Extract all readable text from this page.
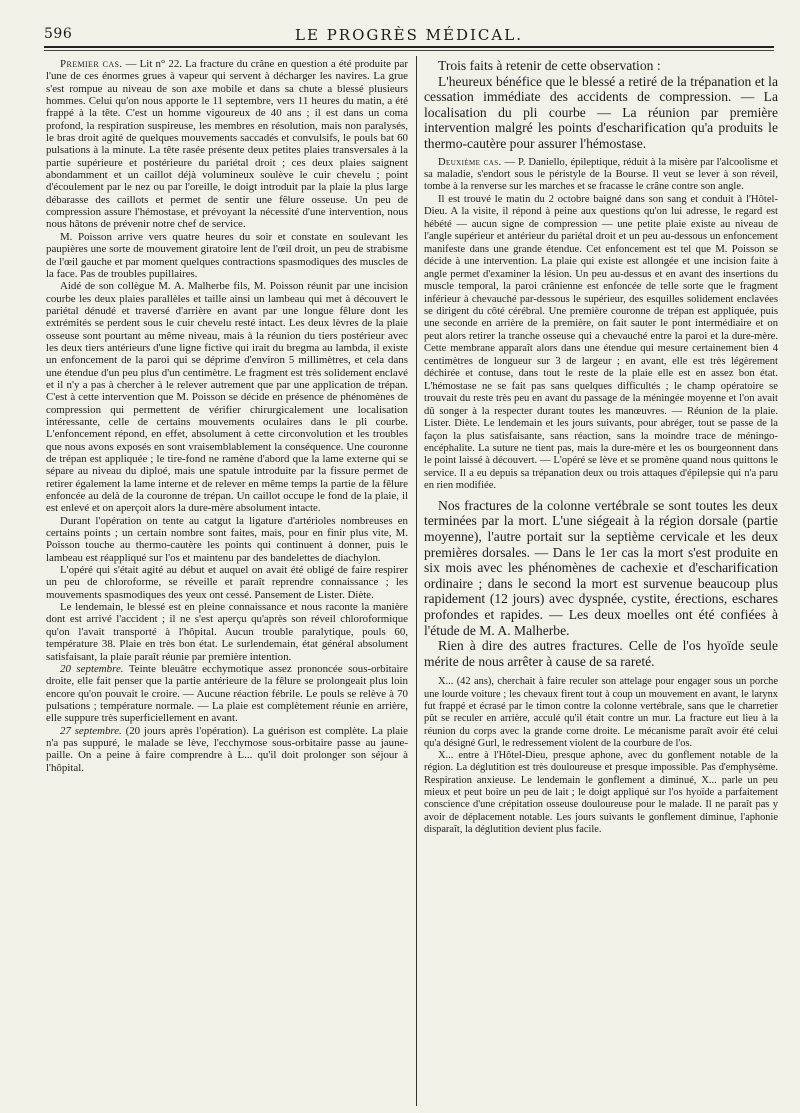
596	LE PROGRÈS MÉDICAL.

Premier cas. — Lit n° 22. La fracture du crâne en question a été produite par l'une de ces énormes grues à vapeur qui servent à décharger les navires. La grue s'est rompue au niveau de son axe mobile et dans sa chute a blessé plusieurs hommes. Celui qu'on nous apporte le 11 septembre, vers 11 heures du matin, a été frappé à la tête. C'est un homme vigoureux de 40 ans ; il est dans un coma profond, la respiration suspireuse, les membres en résolution, mais non paralysés, le bras droit agité de quelques mouvements saccadés et convulsifs, le pouls bat 60 pulsations à la minute. La tête rasée présente deux petites plaies transversales à la partie supérieure et postérieure du pariétal droit ; ces deux plaies saignent abondamment et un caillot déjà volumineux soulève le cuir chevelu ; point d'écoulement par le nez ou par l'oreille, le doigt introduit par la plaie la plus large débarasse des caillots et permet de sentir une fêlure osseuse. Un peu de compression assure l'hémostase, et prévoyant la nécessité d'une intervention, nous nous hâtons de prévenir notre chef de service.

M. Poisson arrive vers quatre heures du soir et constate en soulevant les paupières une sorte de mouvement giratoire lent de l'œil droit, un peu de strabisme de l'œil gauche et par moment quelques contractions spasmodiques des muscles de la face. Pas de troubles pupillaires.

Aidé de son collègue M. A. Malherbe fils, M. Poisson réunit par une incision courbe les deux plaies parallèles et taille ainsi un lambeau qui met à découvert le pariétal dénudé et traversé d'arrière en avant par une longue fêlure dont les extrémités se perdent sous le cuir chevelu resté intact. Les deux lèvres de la plaie osseuse sont pourtant au même niveau, mais à la réunion du tiers postérieur avec les deux tiers antérieurs d'une ligne fictive qui irait du bregma au lambda, il existe un enfoncement de la paroi qui se déprime d'environ 5 millimètres, et cela dans une étendue d'un peu plus d'un centimètre. Le fragment est très solidement enclavé et il n'y a pas à chercher à le relever autrement que par une application de trépan. C'est à cette intervention que M. Poisson se décide en présence de phénomènes de compression qui permettent de vérifier chirurgicalement une localisation intéressante, celle de certains mouvements oculaires dans le pli courbe. L'enfoncement répond, en effet, absolument à cette circonvolution et les troubles que nous avons exposés en sont vraisemblablement la conséquence. Une couronne de trépan est appliquée ; le tire-fond ne ramène d'abord que la lame externe qui se sépare au niveau du diploé, mais une spatule introduite par la fissure permet de retirer également la lame interne et de relever en même temps la partie de la fêlure enfoncée au delà de la couronne de trépan. Un caillot occupe le fond de la plaie, il est enlevé et on aperçoit alors la dure-mère absolument intacte.

Durant l'opération on tente au catgut la ligature d'artérioles nombreuses en certains points ; un certain nombre sont faites, mais, pour en finir plus vite, M. Poisson touche au thermo-cautère les points qui continuent à donner, puis le lambeau est réappliqué sur l'os et maintenu par des bandelettes de diachylon.

L'opéré qui s'était agité au début et auquel on avait été obligé de faire respirer un peu de chloroforme, se réveille et paraît reprendre connaissance ; les mouvements spasmodiques des yeux ont cessé. Pansement de Lister. Diète.

Le lendemain, le blessé est en pleine connaissance et nous raconte la manière dont est arrivé l'accident ; il ne s'est aperçu qu'après son réveil chloroformique qu'on l'avait transporté à l'hôpital. Aucun trouble paralytique, pouls 60, température 38. Plaie en très bon état. Le surlendemain, état général absolument satisfaisant, la plaie paraît réunie par première intention.

20 septembre. Teinte bleuâtre ecchymotique assez prononcée sous-orbitaire droite, elle fait penser que la partie antérieure de la fêlure se prolongeait plus loin encore qu'on pouvait le croire. — Aucune réaction fébrile. Le pouls se relève à 70 pulsations ; température normale. — La plaie est complètement réunie en arrière, elle suppure très superficiellement en avant.

27 septembre. (20 jours après l'opération). La guérison est complète. La plaie n'a pas suppuré, le malade se lève, l'ecchymose sous-orbitaire passe au jaune-paille. On a peine à faire comprendre à L... qu'il doit prolonger son séjour à l'hôpital.

Trois faits à retenir de cette observation :

L'heureux bénéfice que le blessé a retiré de la trépanation et la cessation immédiate des accidents de compression. — La localisation du pli courbe — La réunion par première intervention malgré les points d'escharification qu'a produits le thermo-cautère pour assurer l'hémostase.

Deuxième cas. — P. Daniello, épileptique, réduit à la misère par l'alcoolisme et sa maladie, s'endort sous le péristyle de la Bourse. Il veut se lever à son réveil, tombe à la renverse sur les marches et se fracasse le crâne contre son angle.

Il est trouvé le matin du 2 octobre baigné dans son sang et conduit à l'Hôtel-Dieu. A la visite, il répond à peine aux questions qu'on lui adresse, le regard est hébété — aucun signe de compression — une petite plaie existe au niveau de l'angle supérieur et antérieur du pariétal droit et un peu au-dessous un enfoncement manifeste dans une grande étendue. Cet enfoncement est tel que M. Poisson se décide à une intervention. La plaie qui existe est allongée et une incision faite à angle permet d'examiner la lésion. Un peu au-dessus et en avant des insertions du muscle temporal, la paroi crânienne est enfoncée de telle sorte que le fragment inférieur à chevauché par-dessous le supérieur, des esquilles solidement enclavées se dirigent du côté cérébral. Une première couronne de trépan est appliquée, puis une seconde en arrière de la première, on fait sauter le pont intermédiaire et on peut alors retirer la tranche osseuse qui a chevauché entre la paroi et la dure-mère. Cette membrane apparaît alors dans une étendue qui mesure certainement bien 4 centimètres de longueur sur 3 de largeur ; en avant, elle est très légèrement déchirée et contuse, dans tout le reste de la plaie elle est en assez bon état. L'hémostase ne se fait pas sans quelques difficultés ; le champ opératoire se trouvait du reste très peu en avant du passage de la méningée moyenne et l'on avait dû songer à la respecter durant toutes les manœuvres. — Réunion de la plaie. Lister. Diète. Le lendemain et les jours suivants, pour abréger, tout se passe de la façon la plus satisfaisante, sans réaction, sans la moindre trace de méningo-encéphalite. La suture ne tient pas, mais la dure-mère et les os bourgeonnent dans le point laissé à découvert. — L'opéré se lève et se promène quand nous quittons le service. Il a eu depuis sa trépanation deux ou trois attaques d'épilepsie qui n'a paru en rien modifiée.

Nos fractures de la colonne vertébrale se sont toutes les deux terminées par la mort. L'une siégeait à la région dorsale (partie moyenne), l'autre portait sur la septième cervicale et les deux premières dorsales. — Dans le 1er cas la mort s'est produite en six mois avec les phénomènes de cachexie et d'escharification ordinaire ; dans le second la mort est survenue beaucoup plus rapidement (12 jours) avec dyspnée, cystite, érections, eschares profondes et rapides. — Les deux moelles ont été confiées à l'étude de M. A. Malherbe.

Rien à dire des autres fractures. Celle de l'os hyoïde seule mérite de nous arrêter à cause de sa rareté.

X... (42 ans), cherchait à faire reculer son attelage pour engager sous un porche une lourde voiture ; les chevaux firent tout à coup un mouvement en avant, le larynx fut frappé et écrasé par le timon contre la colonne vertébrale, sans que le charretier pût se reculer en arrière, acculé qu'il était contre un mur. La fracture eut lieu à la réunion du corps avec la grande corne droite. Le mécanisme paraît avoir été celui qu'a désigné Gurl, le redressement violent de la courbure de l'os.

X... entre à l'Hôtel-Dieu, presque aphone, avec du gonflement notable de la région. La déglutition est très douloureuse et presque impossible. Pas d'emphysème. Respiration anxieuse. Le lendemain le gonflement a diminué, X... parle un peu mieux et peut boire un peu de lait ; le doigt appliqué sur l'os hyoïde a parfaitement conscience d'une crépitation osseuse douloureuse pour le malade. Il ne paraît pas y avoir de déplacement notable. Les jours suivants le gonflement diminue, l'aphonie disparaît, la déglutition devient plus facile.
